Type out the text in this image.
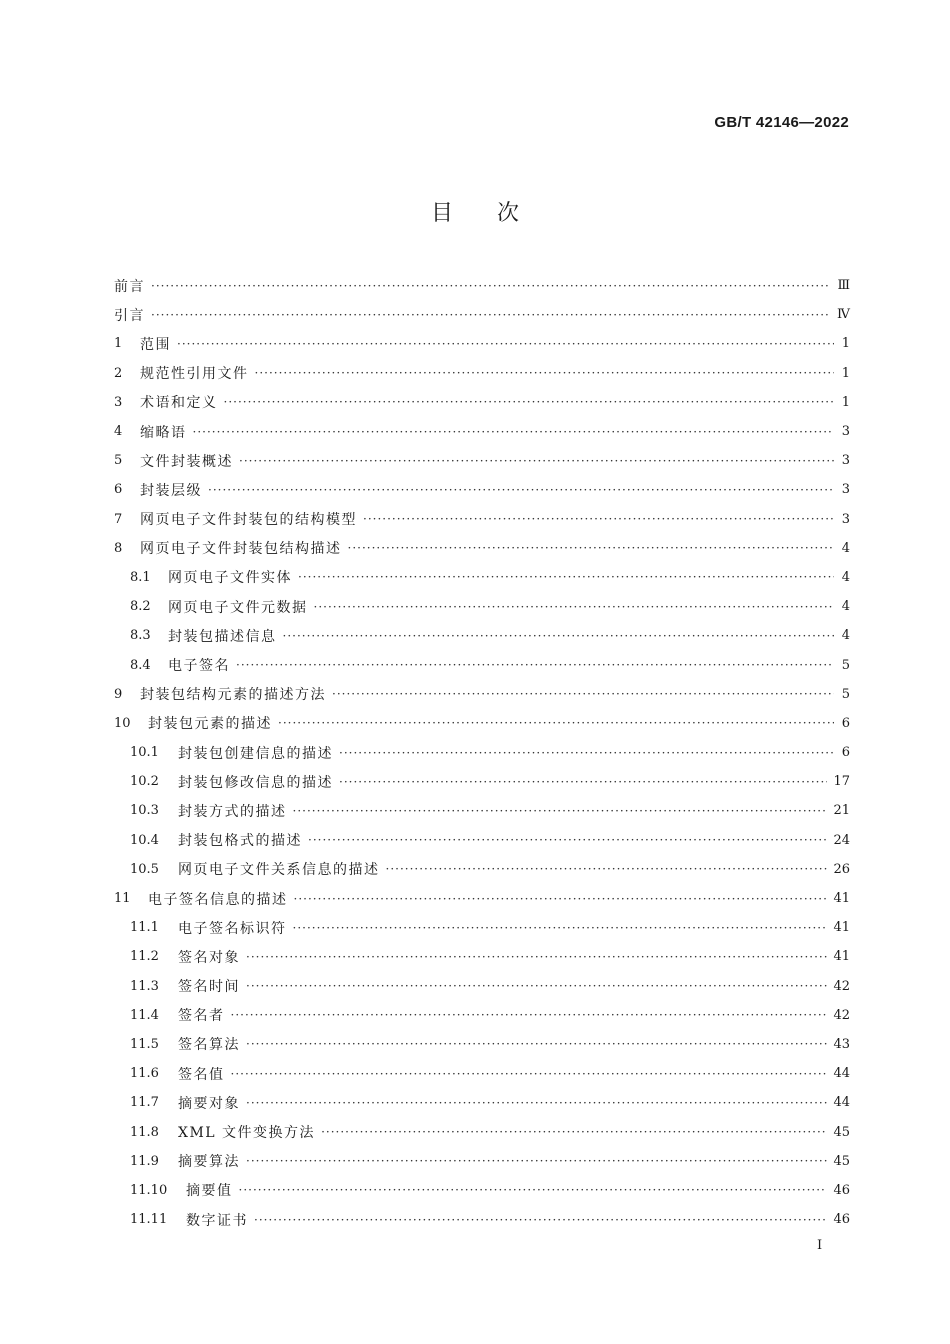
GB/T 42146—2022
目次
前言 ·····	Ⅲ
引言 ·····	Ⅳ
1	范围 ·····	1
2	规范性引用文件 ·····	1
3	术语和定义 ·····	1
4	缩略语 ·····	3
5	文件封装概述 ·····	3
6	封装层级 ·····	3
7	网页电子文件封装包的结构模型 ·····	3
8	网页电子文件封装包结构描述 ·····	4
8.1	网页电子文件实体 ·····	4
8.2	网页电子文件元数据 ·····	4
8.3	封装包描述信息 ·····	4
8.4	电子签名 ·····	5
9	封装包结构元素的描述方法 ·····	5
10	封装包元素的描述 ·····	6
10.1	封装包创建信息的描述 ·····	6
10.2	封装包修改信息的描述 ·····	17
10.3	封装方式的描述 ·····	21
10.4	封装包格式的描述 ·····	24
10.5	网页电子文件关系信息的描述 ·····	26
11	电子签名信息的描述 ·····	41
11.1	电子签名标识符 ·····	41
11.2	签名对象 ·····	41
11.3	签名时间 ·····	42
11.4	签名者 ·····	42
11.5	签名算法 ·····	43
11.6	签名值 ·····	44
11.7	摘要对象 ·····	44
11.8	XML 文件变换方法 ·····	45
11.9	摘要算法 ·····	45
11.10	摘要值 ·····	46
11.11	数字证书 ·····	46
I
